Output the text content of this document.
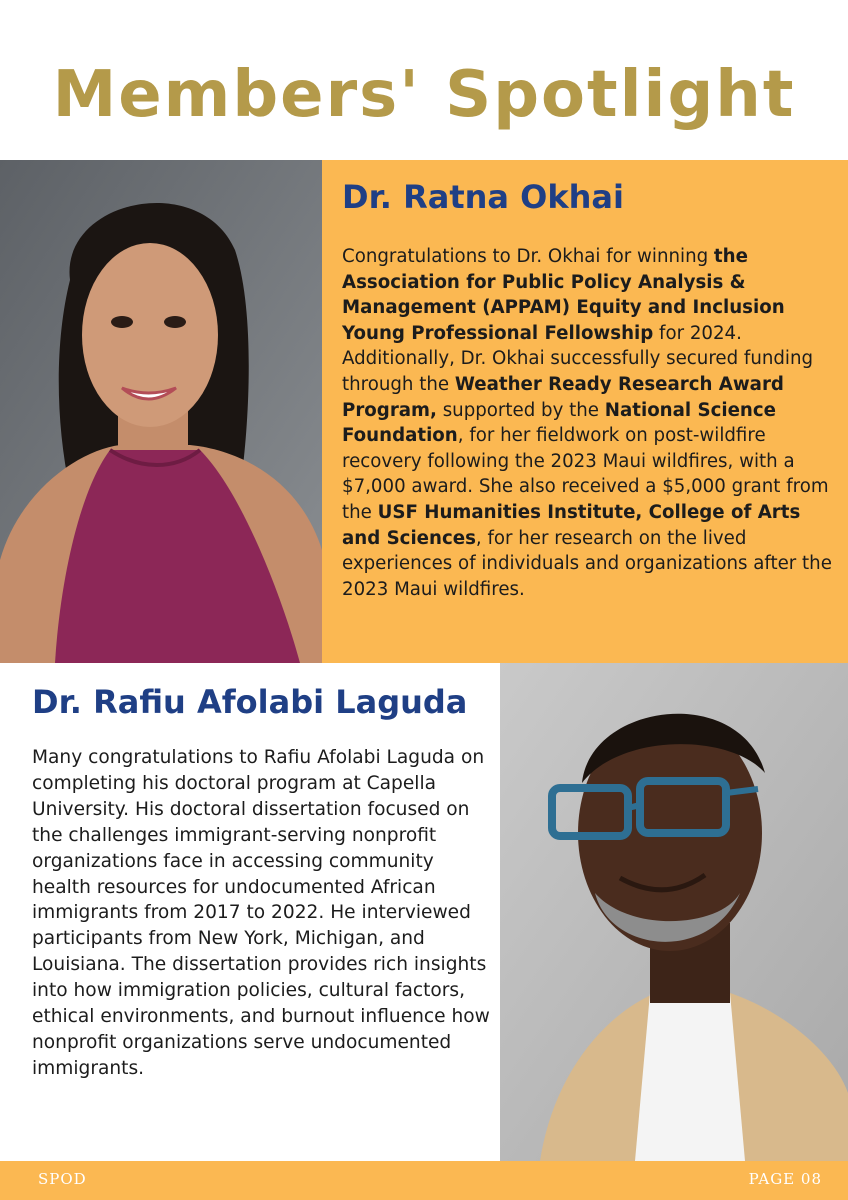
Members' Spotlight
Dr. Ratna Okhai

Congratulations to Dr. Okhai for winning the Association for Public Policy Analysis & Management (APPAM) Equity and Inclusion Young Professional Fellowship for 2024. Additionally, Dr. Okhai successfully secured funding through the Weather Ready Research Award Program, supported by the National Science Foundation, for her fieldwork on post-wildfire recovery following the 2023 Maui wildfires, with a $7,000 award. She also received a $5,000 grant from the USF Humanities Institute, College of Arts and Sciences, for her research on the lived experiences of individuals and organizations after the 2023 Maui wildfires.

Dr. Rafiu Afolabi Laguda

Many congratulations to Rafiu Afolabi Laguda on completing his doctoral program at Capella University. His doctoral dissertation focused on the challenges immigrant-serving nonprofit organizations face in accessing community health resources for undocumented African immigrants from 2017 to 2022. He interviewed participants from New York, Michigan, and Louisiana. The dissertation provides rich insights into how immigration policies, cultural factors, ethical environments, and burnout influence how nonprofit organizations serve undocumented immigrants.

SPOD	PAGE 08
